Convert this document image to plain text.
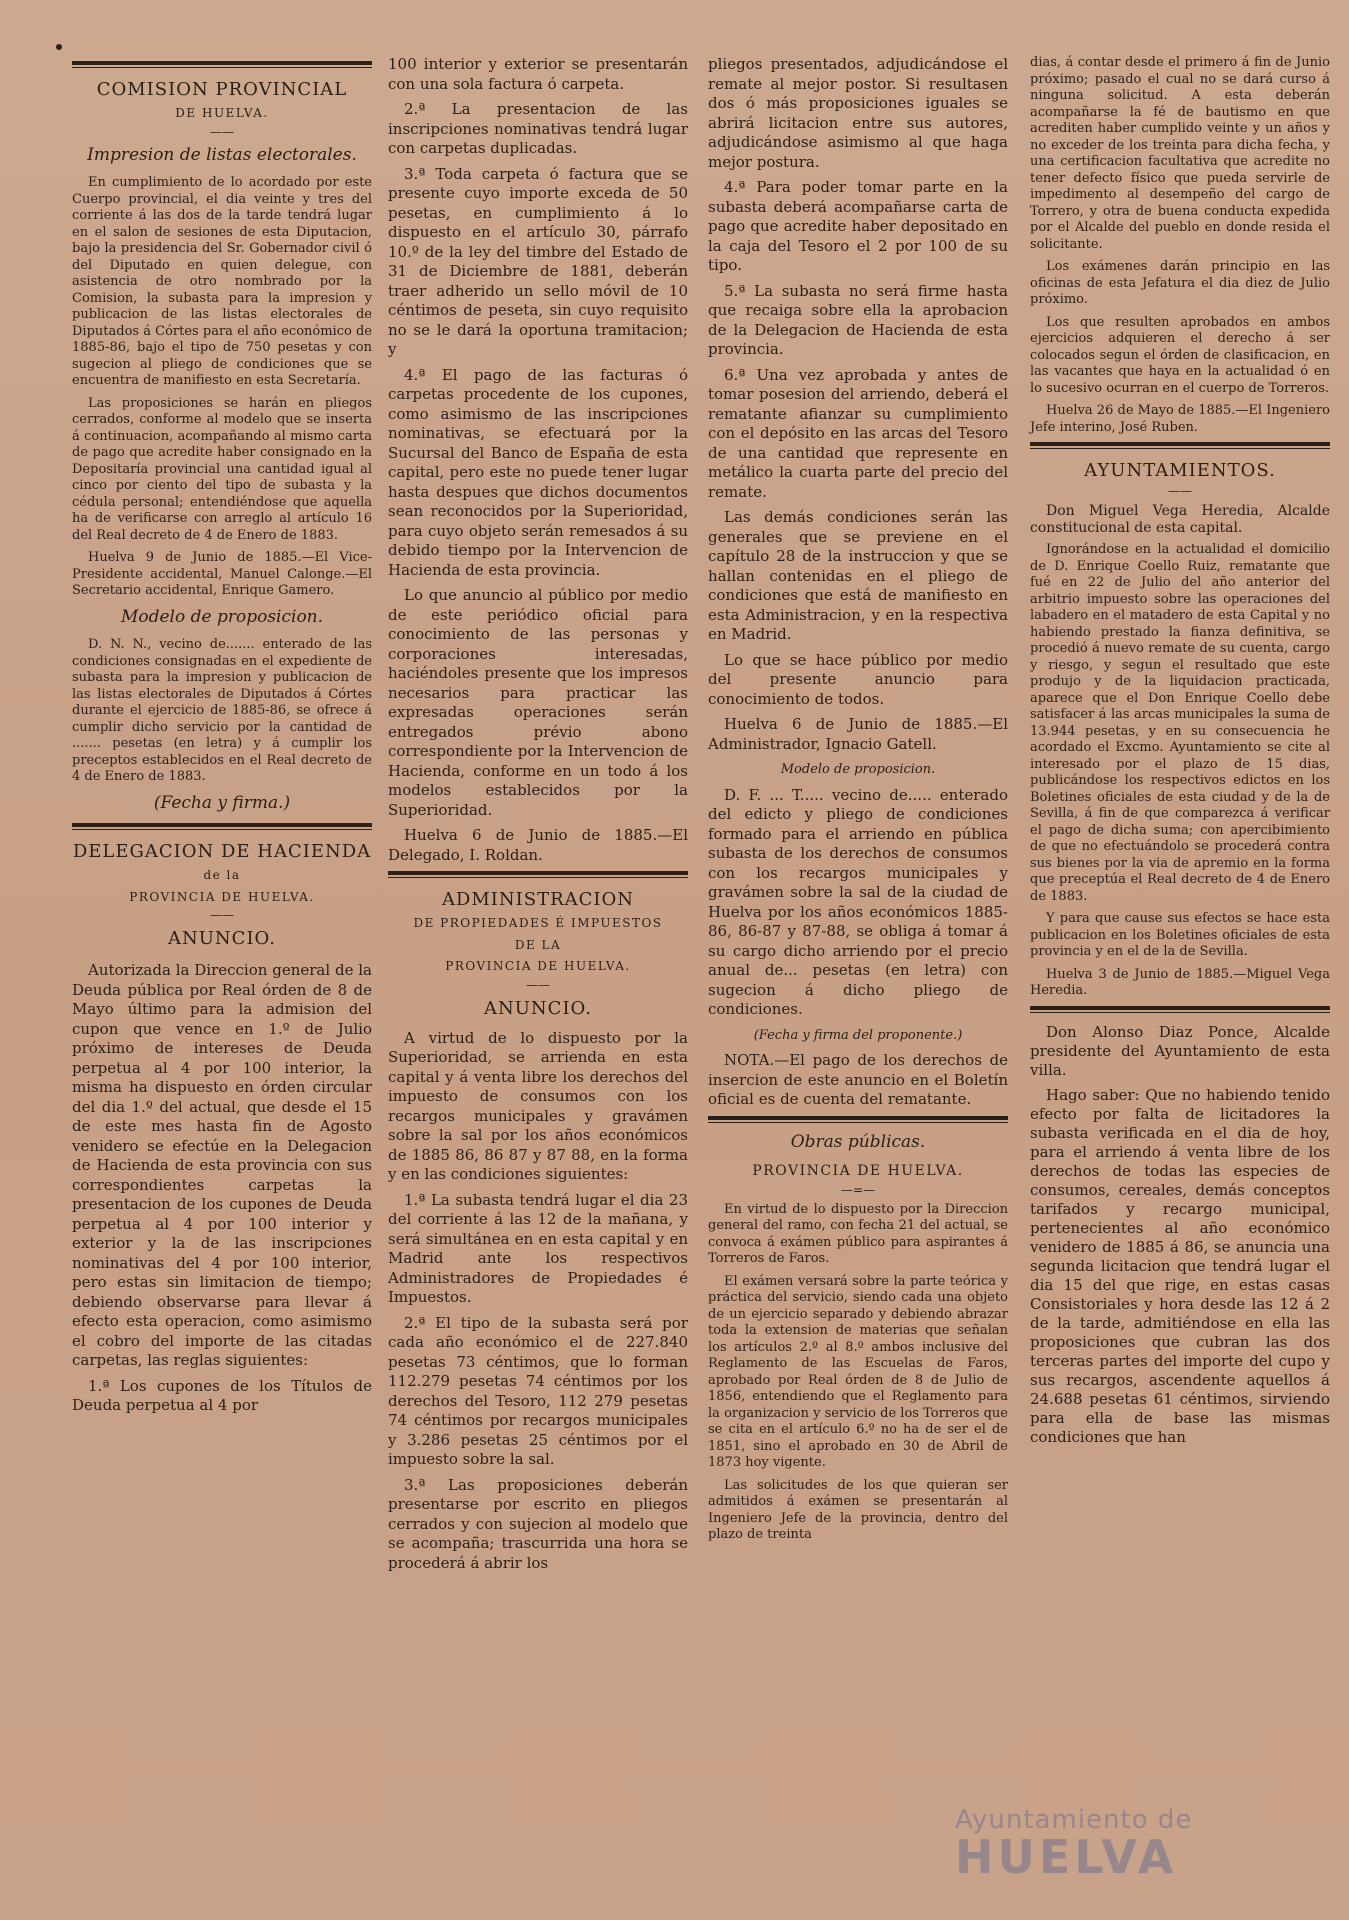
COMISION PROVINCIAL
DE HUELVA.
——
Impresion de listas electorales.

En cumplimiento de lo acordado por este Cuerpo provincial, el dia veinte y tres del corriente á las dos de la tarde tendrá lugar en el salon de sesiones de esta Diputacion, bajo la presidencia del Sr. Gobernador civil ó del Diputado en quien delegue, con asistencia de otro nombrado por la Comision, la subasta para la impresion y publicacion de las listas electorales de Diputados á Córtes para el año económico de 1885-86, bajo el tipo de 750 pesetas y con sugecion al pliego de condiciones que se encuentra de manifiesto en esta Secretaría.

Las proposiciones se harán en pliegos cerrados, conforme al modelo que se inserta á continuacion, acompañando al mismo carta de pago que acredite haber consignado en la Depositaría provincial una cantidad igual al cinco por ciento del tipo de subasta y la cédula personal; entendiéndose que aquella ha de verificarse con arreglo al artículo 16 del Real decreto de 4 de Enero de 1883.

Huelva 9 de Junio de 1885.—El Vice-Presidente accidental, Manuel Calonge.—El Secretario accidental, Enrique Gamero.

Modelo de proposicion.

D. N. N., vecino de....... enterado de las condiciones consignadas en el expediente de subasta para la impresion y publicacion de las listas electorales de Diputados á Córtes durante el ejercicio de 1885-86, se ofrece á cumplir dicho servicio por la cantidad de ....... pesetas (en letra) y á cumplir los preceptos establecidos en el Real decreto de 4 de Enero de 1883.

(Fecha y firma.)
DELEGACION DE HACIENDA
de la
PROVINCIA DE HUELVA.
——
ANUNCIO.

Autorizada la Direccion general de la Deuda pública por Real órden de 8 de Mayo último para la admision del cupon que vence en 1.º de Julio próximo de intereses de Deuda perpetua al 4 por 100 interior, la misma ha dispuesto en órden circular del dia 1.º del actual, que desde el 15 de este mes hasta fin de Agosto venidero se efectúe en la Delegacion de Hacienda de esta provincia con sus correspondientes carpetas la presentacion de los cupones de Deuda perpetua al 4 por 100 interior y exterior y la de las inscripciones nominativas del 4 por 100 interior, pero estas sin limitacion de tiempo; debiendo observarse para llevar á efecto esta operacion, como asimismo el cobro del importe de las citadas carpetas, las reglas siguientes:

1.ª Los cupones de los Títulos de Deuda perpetua al 4 por

100 interior y exterior se presentarán con una sola factura ó carpeta.

2.ª La presentacion de las inscripciones nominativas tendrá lugar con carpetas duplicadas.

3.ª Toda carpeta ó factura que se presente cuyo importe exceda de 50 pesetas, en cumplimiento á lo dispuesto en el artículo 30, párrafo 10.º de la ley del timbre del Estado de 31 de Diciembre de 1881, deberán traer adherido un sello móvil de 10 céntimos de peseta, sin cuyo requisito no se le dará la oportuna tramitacion; y

4.ª El pago de las facturas ó carpetas procedente de los cupones, como asimismo de las inscripciones nominativas, se efectuará por la Sucursal del Banco de España de esta capital, pero este no puede tener lugar hasta despues que dichos documentos sean reconocidos por la Superioridad, para cuyo objeto serán remesados á su debido tiempo por la Intervencion de Hacienda de esta provincia.

Lo que anuncio al público por medio de este periódico oficial para conocimiento de las personas y corporaciones interesadas, haciéndoles presente que los impresos necesarios para practicar las expresadas operaciones serán entregados prévio abono correspondiente por la Intervencion de Hacienda, conforme en un todo á los modelos establecidos por la Superioridad.

Huelva 6 de Junio de 1885.—El Delegado, I. Roldan.

ADMINISTRACION
DE PROPIEDADES É IMPUESTOS
DE LA
PROVINCIA DE HUELVA.
——
ANUNCIO.

A virtud de lo dispuesto por la Superioridad, se arrienda en esta capital y á venta libre los derechos del impuesto de consumos con los recargos municipales y gravámen sobre la sal por los años económicos de 1885 86, 86 87 y 87 88, en la forma y en las condiciones siguientes:

1.ª La subasta tendrá lugar el dia 23 del corriente á las 12 de la mañana, y será simultánea en en esta capital y en Madrid ante los respectivos Administradores de Propiedades é Impuestos.

2.ª El tipo de la subasta será por cada año económico el de 227.840 pesetas 73 céntimos, que lo forman 112.279 pesetas 74 céntimos por los derechos del Tesoro, 112 279 pesetas 74 céntimos por recargos municipales y 3.286 pesetas 25 céntimos por el impuesto sobre la sal.

3.ª Las proposiciones deberán presentarse por escrito en pliegos cerrados y con sujecion al modelo que se acompaña; trascurrida una hora se procederá á abrir los

pliegos presentados, adjudicándose el remate al mejor postor. Si resultasen dos ó más proposiciones iguales se abrirá licitacion entre sus autores, adjudicándose asimismo al que haga mejor postura.

4.ª Para poder tomar parte en la subasta deberá acompañarse carta de pago que acredite haber depositado en la caja del Tesoro el 2 por 100 de su tipo.

5.ª La subasta no será firme hasta que recaiga sobre ella la aprobacion de la Delegacion de Hacienda de esta provincia.

6.ª Una vez aprobada y antes de tomar posesion del arriendo, deberá el rematante afianzar su cumplimiento con el depósito en las arcas del Tesoro de una cantidad que represente en metálico la cuarta parte del precio del remate.

Las demás condiciones serán las generales que se previene en el capítulo 28 de la instruccion y que se hallan contenidas en el pliego de condiciones que está de manifiesto en esta Administracion, y en la respectiva en Madrid.

Lo que se hace público por medio del presente anuncio para conocimiento de todos.

Huelva 6 de Junio de 1885.—El Administrador, Ignacio Gatell.

Modelo de proposicion.

D. F. ... T..... vecino de..... enterado del edicto y pliego de condiciones formado para el arriendo en pública subasta de los derechos de consumos con los recargos municipales y gravámen sobre la sal de la ciudad de Huelva por los años económicos 1885-86, 86-87 y 87-88, se obliga á tomar á su cargo dicho arriendo por el precio anual de... pesetas (en letra) con sugecion á dicho pliego de condiciones.

(Fecha y firma del proponente.)

NOTA.—El pago de los derechos de insercion de este anuncio en el Boletín oficial es de cuenta del rematante.

Obras públicas.
PROVINCIA DE HUELVA.
—=—

En virtud de lo dispuesto por la Direccion general del ramo, con fecha 21 del actual, se convoca á exámen público para aspirantes á Torreros de Faros.

El exámen versará sobre la parte teórica y práctica del servicio, siendo cada una objeto de un ejercicio separado y debiendo abrazar toda la extension de materias que señalan los artículos 2.º al 8.º ambos inclusive del Reglamento de las Escuelas de Faros, aprobado por Real órden de 8 de Julio de 1856, entendiendo que el Reglamento para la organizacion y servicio de los Torreros que se cita en el artículo 6.º no ha de ser el de 1851, sino el aprobado en 30 de Abril de 1873 hoy vigente.

Las solicitudes de los que quieran ser admitidos á exámen se presentarán al Ingeniero Jefe de la provincia, dentro del plazo de treinta

dias, á contar desde el primero á fin de Junio próximo; pasado el cual no se dará curso á ninguna solicitud. A esta deberán acompañarse la fé de bautismo en que acrediten haber cumplido veinte y un años y no exceder de los treinta para dicha fecha, y una certificacion facultativa que acredite no tener defecto físico que pueda servirle de impedimento al desempeño del cargo de Torrero, y otra de buena conducta expedida por el Alcalde del pueblo en donde resida el solicitante.

Los exámenes darán principio en las oficinas de esta Jefatura el dia diez de Julio próximo.

Los que resulten aprobados en ambos ejercicios adquieren el derecho á ser colocados segun el órden de clasificacion, en las vacantes que haya en la actualidad ó en lo sucesivo ocurran en el cuerpo de Torreros.

Huelva 26 de Mayo de 1885.—El Ingeniero Jefe interino, José Ruben.

AYUNTAMIENTOS.
——

Don Miguel Vega Heredia, Alcalde constitucional de esta capital.

Ignorándose en la actualidad el domicilio de D. Enrique Coello Ruiz, rematante que fué en 22 de Julio del año anterior del arbitrio impuesto sobre las operaciones del labadero en el matadero de esta Capital y no habiendo prestado la fianza definitiva, se procedió á nuevo remate de su cuenta, cargo y riesgo, y segun el resultado que este produjo y de la liquidacion practicada, aparece que el Don Enrique Coello debe satisfacer á las arcas municipales la suma de 13.944 pesetas, y en su consecuencia he acordado el Excmo. Ayuntamiento se cite al interesado por el plazo de 15 dias, publicándose los respectivos edictos en los Boletines oficiales de esta ciudad y de la de Sevilla, á fin de que comparezca á verificar el pago de dicha suma; con apercibimiento de que no efectuándolo se procederá contra sus bienes por la via de apremio en la forma que preceptúa el Real decreto de 4 de Enero de 1883.

Y para que cause sus efectos se hace esta publicacion en los Boletines oficiales de esta provincia y en el de la de Sevilla.

Huelva 3 de Junio de 1885.—Miguel Vega Heredia.

Don Alonso Diaz Ponce, Alcalde presidente del Ayuntamiento de esta villa.

Hago saber: Que no habiendo tenido efecto por falta de licitadores la subasta verificada en el dia de hoy, para el arriendo á venta libre de los derechos de todas las especies de consumos, cereales, demás conceptos tarifados y recargo municipal, pertenecientes al año económico venidero de 1885 á 86, se anuncia una segunda licitacion que tendrá lugar el dia 15 del que rige, en estas casas Consistoriales y hora desde las 12 á 2 de la tarde, admitiéndose en ella las proposiciones que cubran las dos terceras partes del importe del cupo y sus recargos, ascendente aquellos á 24.688 pesetas 61 céntimos, sirviendo para ella de base las mismas condiciones que han

Ayuntamiento de
HUELVA
